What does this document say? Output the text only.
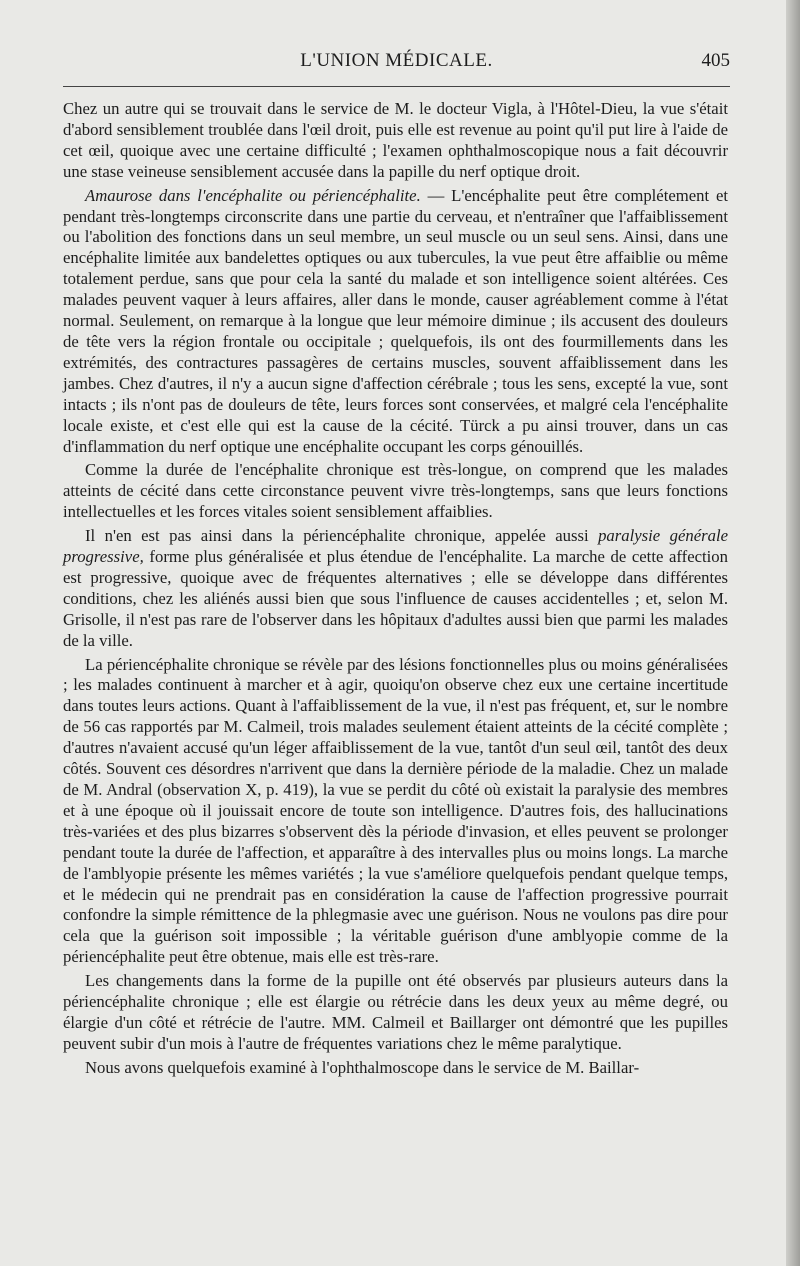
L'UNION MÉDICALE.	405

Chez un autre qui se trouvait dans le service de M. le docteur Vigla, à l'Hôtel-Dieu, la vue s'était d'abord sensiblement troublée dans l'œil droit, puis elle est revenue au point qu'il put lire à l'aide de cet œil, quoique avec une certaine difficulté ; l'examen ophthalmoscopique nous a fait découvrir une stase veineuse sensiblement accusée dans la papille du nerf optique droit.

Amaurose dans l'encéphalite ou périencéphalite. — L'encéphalite peut être complétement et pendant très-longtemps circonscrite dans une partie du cerveau, et n'entraîner que l'affaiblissement ou l'abolition des fonctions dans un seul membre, un seul muscle ou un seul sens. Ainsi, dans une encéphalite limitée aux bandelettes optiques ou aux tubercules, la vue peut être affaiblie ou même totalement perdue, sans que pour cela la santé du malade et son intelligence soient altérées. Ces malades peuvent vaquer à leurs affaires, aller dans le monde, causer agréablement comme à l'état normal. Seulement, on remarque à la longue que leur mémoire diminue ; ils accusent des douleurs de tête vers la région frontale ou occipitale ; quelquefois, ils ont des fourmillements dans les extrémités, des contractures passagères de certains muscles, souvent affaiblissement dans les jambes. Chez d'autres, il n'y a aucun signe d'affection cérébrale ; tous les sens, excepté la vue, sont intacts ; ils n'ont pas de douleurs de tête, leurs forces sont conservées, et malgré cela l'encéphalite locale existe, et c'est elle qui est la cause de la cécité. Türck a pu ainsi trouver, dans un cas d'inflammation du nerf optique une encéphalite occupant les corps génouillés.

Comme la durée de l'encéphalite chronique est très-longue, on comprend que les malades atteints de cécité dans cette circonstance peuvent vivre très-longtemps, sans que leurs fonctions intellectuelles et les forces vitales soient sensiblement affaiblies.

Il n'en est pas ainsi dans la périencéphalite chronique, appelée aussi paralysie générale progressive, forme plus généralisée et plus étendue de l'encéphalite. La marche de cette affection est progressive, quoique avec de fréquentes alternatives ; elle se développe dans différentes conditions, chez les aliénés aussi bien que sous l'influence de causes accidentelles ; et, selon M. Grisolle, il n'est pas rare de l'observer dans les hôpitaux d'adultes aussi bien que parmi les malades de la ville.

La périencéphalite chronique se révèle par des lésions fonctionnelles plus ou moins généralisées ; les malades continuent à marcher et à agir, quoiqu'on observe chez eux une certaine incertitude dans toutes leurs actions. Quant à l'affaiblissement de la vue, il n'est pas fréquent, et, sur le nombre de 56 cas rapportés par M. Calmeil, trois malades seulement étaient atteints de la cécité complète ; d'autres n'avaient accusé qu'un léger affaiblissement de la vue, tantôt d'un seul œil, tantôt des deux côtés. Souvent ces désordres n'arrivent que dans la dernière période de la maladie. Chez un malade de M. Andral (observation X, p. 419), la vue se perdit du côté où existait la paralysie des membres et à une époque où il jouissait encore de toute son intelligence. D'autres fois, des hallucinations très-variées et des plus bizarres s'observent dès la période d'invasion, et elles peuvent se prolonger pendant toute la durée de l'affection, et apparaître à des intervalles plus ou moins longs. La marche de l'amblyopie présente les mêmes variétés ; la vue s'améliore quelquefois pendant quelque temps, et le médecin qui ne prendrait pas en considération la cause de l'affection progressive pourrait confondre la simple rémittence de la phlegmasie avec une guérison. Nous ne voulons pas dire pour cela que la guérison soit impossible ; la véritable guérison d'une amblyopie comme de la périencéphalite peut être obtenue, mais elle est très-rare.

Les changements dans la forme de la pupille ont été observés par plusieurs auteurs dans la périencéphalite chronique ; elle est élargie ou rétrécie dans les deux yeux au même degré, ou élargie d'un côté et rétrécie de l'autre. MM. Calmeil et Baillarger ont démontré que les pupilles peuvent subir d'un mois à l'autre de fréquentes variations chez le même paralytique.

Nous avons quelquefois examiné à l'ophthalmoscope dans le service de M. Baillar-
